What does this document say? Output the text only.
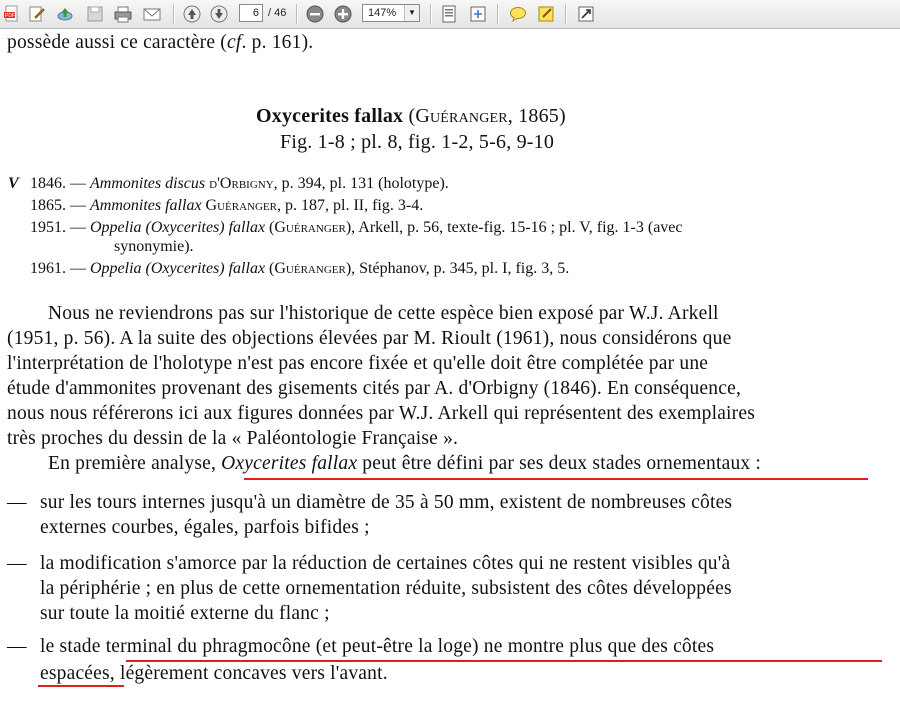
PDF	6 / 46	147%	▼
possède aussi ce caractère (cf. p. 161).
Oxycerites fallax (Guéranger, 1865)
Fig. 1-8 ; pl. 8, fig. 1-2, 5-6, 9-10
V 1846. — Ammonites discus d'Orbigny, p. 394, pl. 131 (holotype).
1865. — Ammonites fallax Guéranger, p. 187, pl. II, fig. 3-4.
1951. — Oppelia (Oxycerites) fallax (Guéranger), Arkell, p. 56, texte-fig. 15-16 ; pl. V, fig. 1-3 (avec
synonymie).
1961. — Oppelia (Oxycerites) fallax (Guéranger), Stéphanov, p. 345, pl. I, fig. 3, 5.
Nous ne reviendrons pas sur l'historique de cette espèce bien exposé par W.J. Arkell
(1951, p. 56). A la suite des objections élevées par M. Rioult (1961), nous considérons que
l'interprétation de l'holotype n'est pas encore fixée et qu'elle doit être complétée par une
étude d'ammonites provenant des gisements cités par A. d'Orbigny (1846). En conséquence,
nous nous référerons ici aux figures données par W.J. Arkell qui représentent des exemplaires
très proches du dessin de la « Paléontologie Française ».
En première analyse, Oxycerites fallax peut être défini par ses deux stades ornementaux :
— sur les tours internes jusqu'à un diamètre de 35 à 50 mm, existent de nombreuses côtes
externes courbes, égales, parfois bifides ;
— la modification s'amorce par la réduction de certaines côtes qui ne restent visibles qu'à
la périphérie ; en plus de cette ornementation réduite, subsistent des côtes développées
sur toute la moitié externe du flanc ;
— le stade terminal du phragmocône (et peut-être la loge) ne montre plus que des côtes
espacées, légèrement concaves vers l'avant.
